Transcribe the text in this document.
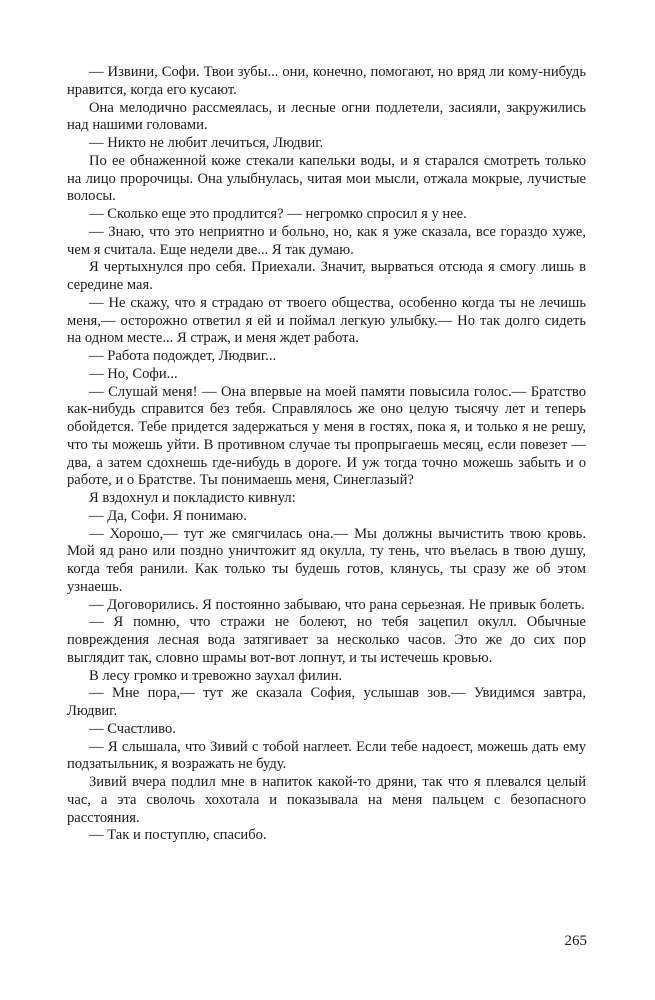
— Извини, Софи. Твои зубы... они, конечно, помогают, но вряд ли кому-нибудь нравится, когда его кусают.

Она мелодично рассмеялась, и лесные огни подлетели, засияли, закружились над нашими головами.

— Никто не любит лечиться, Людвиг.

По ее обнаженной коже стекали капельки воды, и я старался смотреть только на лицо пророчицы. Она улыбнулась, читая мои мысли, отжала мокрые, лучистые волосы.

— Сколько еще это продлится? — негромко спросил я у нее.

— Знаю, что это неприятно и больно, но, как я уже сказала, все гораздо хуже, чем я считала. Еще недели две... Я так думаю.

Я чертыхнулся про себя. Приехали. Значит, вырваться отсюда я смогу лишь в середине мая.

— Не скажу, что я страдаю от твоего общества, особенно когда ты не лечишь меня,— осторожно ответил я ей и поймал легкую улыбку.— Но так долго сидеть на одном месте... Я страж, и меня ждет работа.

— Работа подождет, Людвиг...

— Но, Софи...

— Слушай меня! — Она впервые на моей памяти повысила голос.— Братство как-нибудь справится без тебя. Справлялось же оно целую тысячу лет и теперь обойдется. Тебе придется задержаться у меня в гостях, пока я, и только я не решу, что ты можешь уйти. В противном случае ты пропрыгаешь месяц, если повезет — два, а затем сдохнешь где-нибудь в дороге. И уж тогда точно можешь забыть и о работе, и о Братстве. Ты понимаешь меня, Синеглазый?

Я вздохнул и покладисто кивнул:

— Да, Софи. Я понимаю.

— Хорошо,— тут же смягчилась она.— Мы должны вычистить твою кровь. Мой яд рано или поздно уничтожит яд окулла, ту тень, что въелась в твою душу, когда тебя ранили. Как только ты будешь готов, клянусь, ты сразу же об этом узнаешь.

— Договорились. Я постоянно забываю, что рана серьезная. Не привык болеть.

— Я помню, что стражи не болеют, но тебя зацепил окулл. Обычные повреждения лесная вода затягивает за несколько часов. Это же до сих пор выглядит так, словно шрамы вот-вот лопнут, и ты истечешь кровью.

В лесу громко и тревожно заухал филин.

— Мне пора,— тут же сказала София, услышав зов.— Увидимся завтра, Людвиг.

— Счастливо.

— Я слышала, что Зивий с тобой наглеет. Если тебе надоест, можешь дать ему подзатыльник, я возражать не буду.

Зивий вчера подлил мне в напиток какой-то дряни, так что я плевался целый час, а эта сволочь хохотала и показывала на меня пальцем с безопасного расстояния.

— Так и поступлю, спасибо.

265
